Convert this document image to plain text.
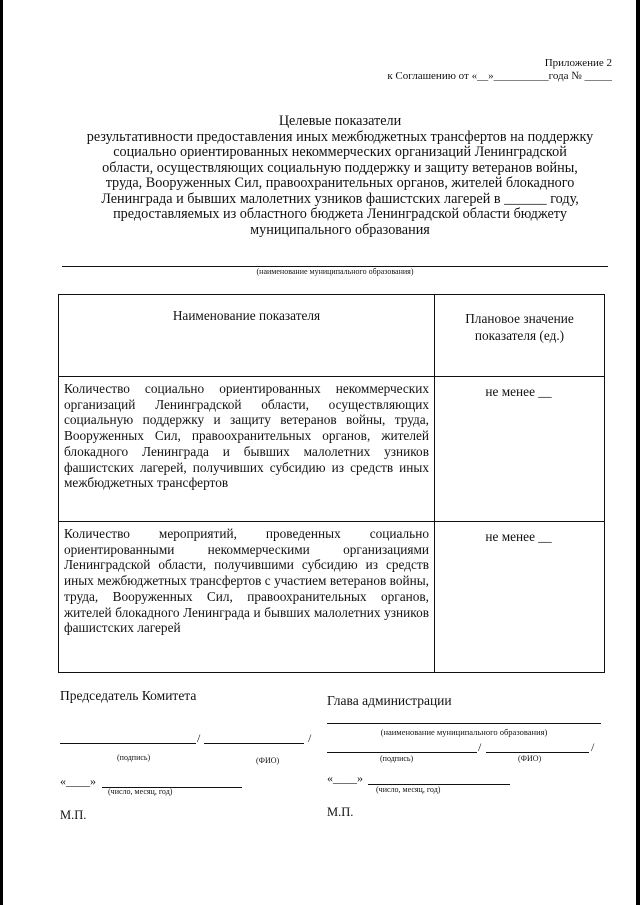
Приложение 2
к Соглашению от «__»__________года № _____
Целевые показатели
результативности предоставления иных межбюджетных трансфертов на поддержку
социально ориентированных некоммерческих организаций Ленинградской
области, осуществляющих социальную поддержку и защиту ветеранов войны,
труда, Вооруженных Сил, правоохранительных органов, жителей блокадного
Ленинграда и бывших малолетних узников фашистских лагерей в ______ году,
предоставляемых из областного бюджета Ленинградской области бюджету
муниципального образования
(наименование муниципального образования)
Наименование показателя	Плановое значение показателя (ед.)
Количество социально ориентированных некоммерческих организаций Ленинградской области, осуществляющих социальную поддержку и защиту ветеранов войны, труда, Вооруженных Сил, правоохранительных органов, жителей блокадного Ленинграда и бывших малолетних узников фашистских лагерей, получивших субсидию из средств иных межбюджетных трансфертов	не менее __
Количество мероприятий, проведенных социально ориентированными некоммерческими организациями Ленинградской области, получившими субсидию из средств иных межбюджетных трансфертов с участием ветеранов войны, труда, Вооруженных Сил, правоохранительных органов, жителей блокадного Ленинграда и бывших малолетних узников фашистских лагерей	не менее __
Председатель Комитета
/	/
(подпись)	(ФИО)
«____»
(число, месяц, год)
М.П.
Глава администрации
(наименование муниципального образования)
/	/
(подпись)	(ФИО)
«____»
(число, месяц, год)
М.П.
